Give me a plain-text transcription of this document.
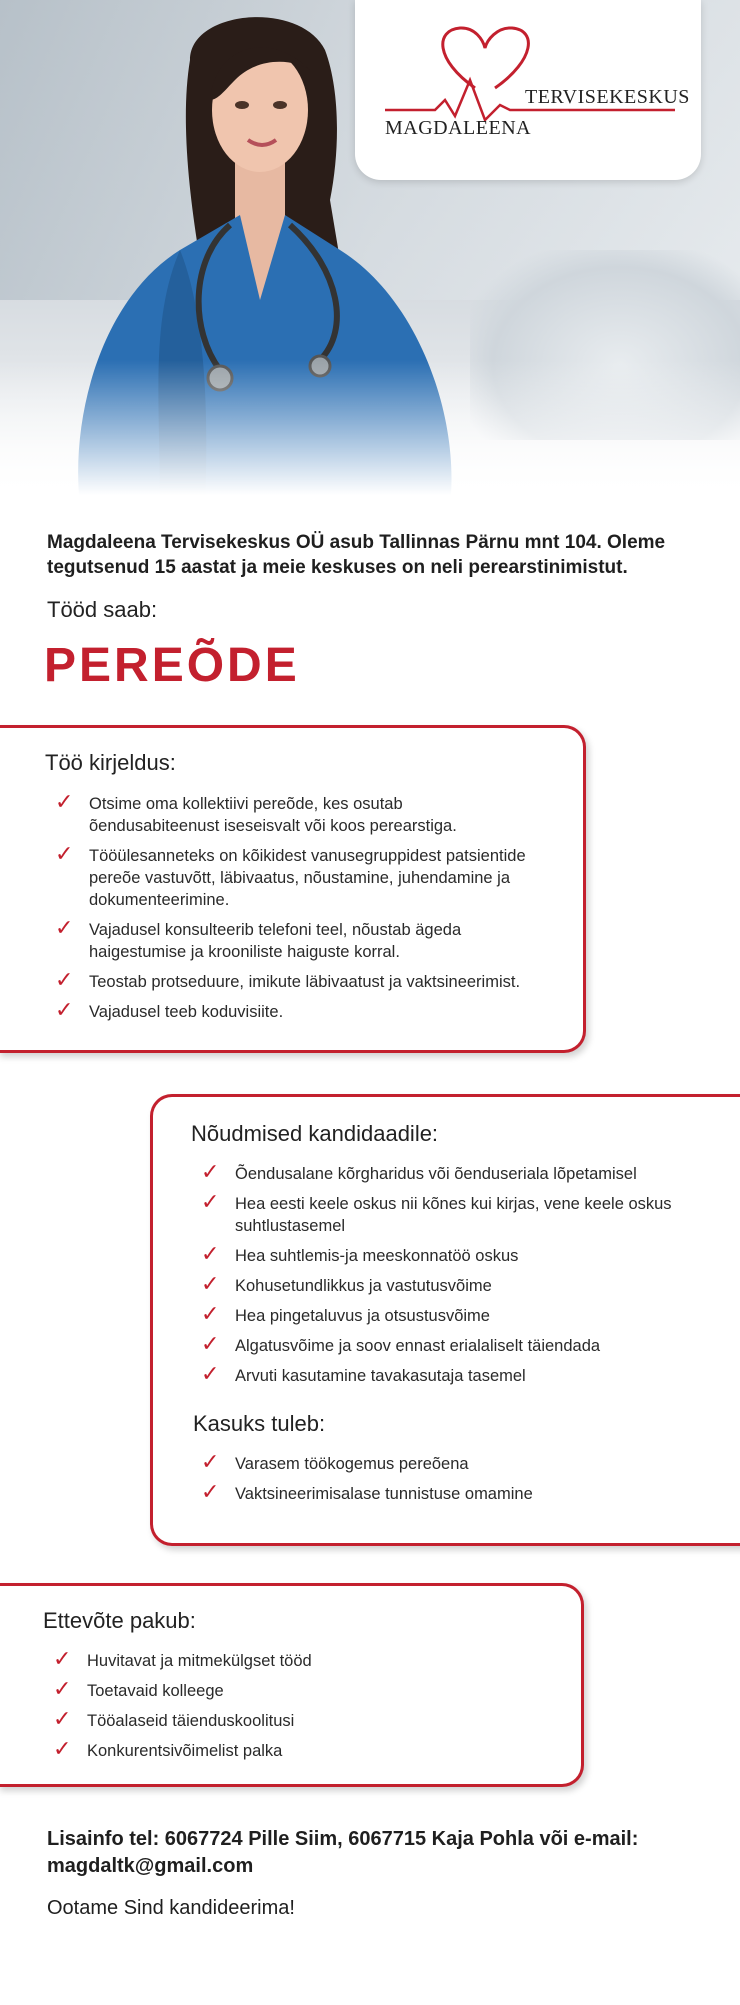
TERVISEKESKUS
MAGDALEENA
Magdaleena Tervisekeskus OÜ asub Tallinnas Pärnu mnt 104. Oleme
tegutsenud 15 aastat ja meie keskuses on neli perearstinimistut.
Tööd saab:
PEREÕDE
Töö kirjeldus:
✓ Otsime oma kollektiivi pereõde, kes osutab
õendusabiteenust iseseisvalt või koos perearstiga.
✓ Tööülesanneteks on kõikidest vanusegruppidest patsientide
pereõe vastuvõtt, läbivaatus, nõustamine, juhendamine ja
dokumenteerimine.
✓ Vajadusel konsulteerib telefoni teel, nõustab ägeda
haigestumise ja krooniliste haiguste korral.
✓ Teostab protseduure, imikute läbivaatust ja vaktsineerimist.
✓ Vajadusel teeb koduvisiite.
Nõudmised kandidaadile:
✓ Õendusalane kõrgharidus või õenduseriala lõpetamisel
✓ Hea eesti keele oskus nii kõnes kui kirjas, vene keele oskus
suhtlustasemel
✓ Hea suhtlemis-ja meeskonnatöö oskus
✓ Kohusetundlikkus ja vastutusvõime
✓ Hea pingetaluvus ja otsustusvõime
✓ Algatusvõime ja soov ennast erialaliselt täiendada
✓ Arvuti kasutamine tavakasutaja tasemel
Kasuks tuleb:
✓ Varasem töökogemus pereõena
✓ Vaktsineerimisalase tunnistuse omamine
Ettevõte pakub:
✓ Huvitavat ja mitmekülgset tööd
✓ Toetavaid kolleege
✓ Tööalaseid täienduskoolitusi
✓ Konkurentsivõimelist palka
Lisainfo tel: 6067724 Pille Siim, 6067715 Kaja Pohla või e-mail:
magdaltk@gmail.com
Ootame Sind kandideerima!
